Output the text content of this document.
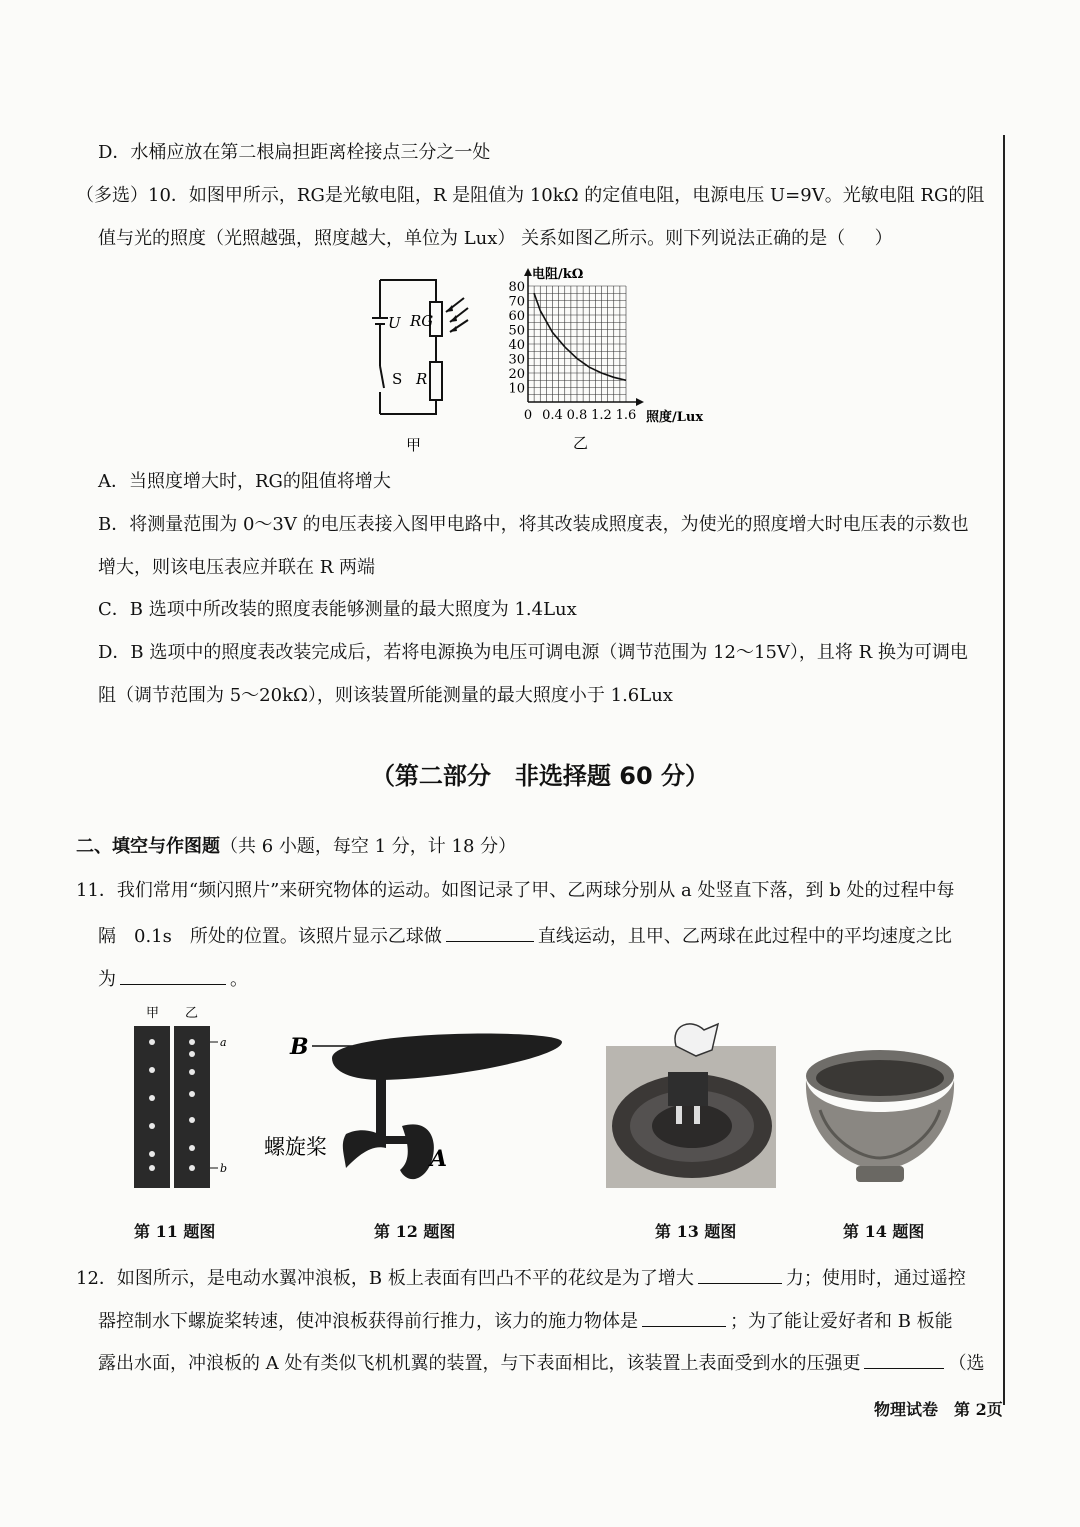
D．水桶应放在第二根扁担距离栓接点三分之一处
（多选）10．如图甲所示，RG是光敏电阻，R 是阻值为 10kΩ 的定值电阻，电源电压 U=9V。光敏电阻 RG的阻
值与光的照度（光照越强，照度越大，单位为 Lux） 关系如图乙所示。则下列说法正确的是（ 　 ）
U RG
S R
甲
10
20
30
40
50
60
70
80
0 0.4 0.8 1.2 1.6
电阻/kΩ
照度/Lux
乙
A．当照度增大时，RG的阻值将增大
B．将测量范围为 0～3V 的电压表接入图甲电路中，将其改装成照度表，为使光的照度增大时电压表的示数也
增大，则该电压表应并联在 R 两端
C．B 选项中所改装的照度表能够测量的最大照度为 1.4Lux
D．B 选项中的照度表改装完成后，若将电源换为电压可调电源（调节范围为 12～15V），且将 R 换为可调电
阻（调节范围为 5～20kΩ），则该装置所能测量的最大照度小于 1.6Lux
（第二部分　非选择题 60 分）
二、填空与作图题（共 6 小题，每空 1 分，计 18 分）
11．我们常用“频闪照片”来研究物体的运动。如图记录了甲、乙两球分别从 a 处竖直下落，到 b 处的过程中每
隔　0.1s　所处的位置。该照片显示乙球做	直线运动，且甲、乙两球在此过程中的平均速度之比
为	。
甲 乙
a
b
B
螺旋桨	A
第 11 题图	第 12 题图	第 13 题图	第 14 题图
12．如图所示，是电动水翼冲浪板，B 板上表面有凹凸不平的花纹是为了增大	力；使用时，通过遥控
器控制水下螺旋桨转速，使冲浪板获得前行推力，该力的施力物体是	；为了能让爱好者和 B 板能
露出水面，冲浪板的 A 处有类似飞机机翼的装置，与下表面相比，该装置上表面受到水的压强更	（选
物理试卷　 第 2页
